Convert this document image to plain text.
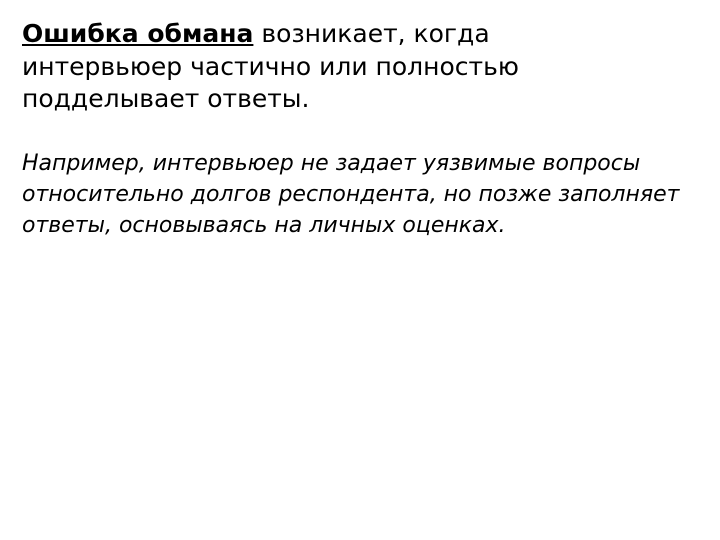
Ошибка обмана возникает, когда интервьюер частично или полностью подделывает ответы.

Например, интервьюер не задает уязвимые вопросы относительно долгов респондента, но позже заполняет ответы, основываясь на личных оценках.
